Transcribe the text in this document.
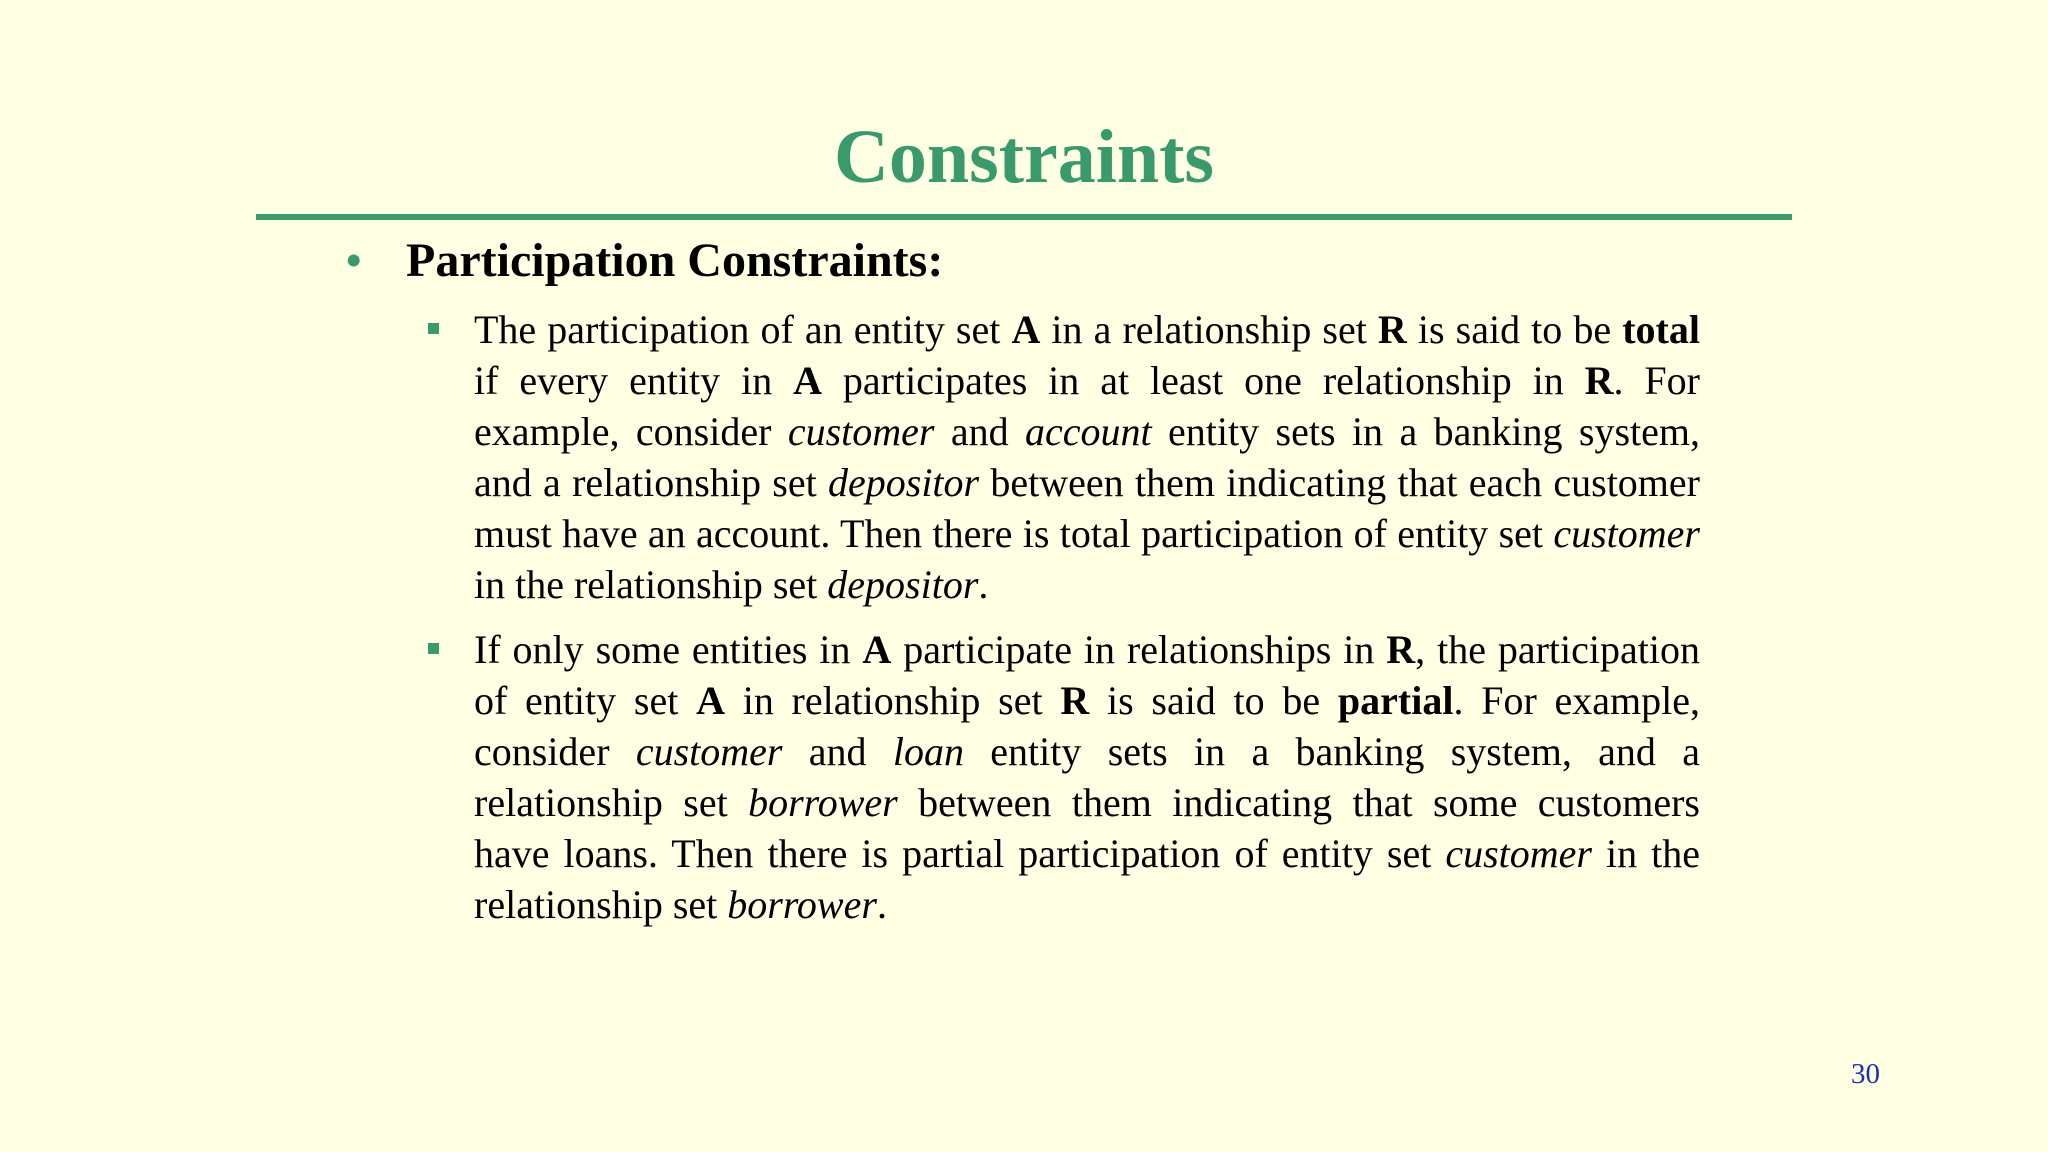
Constraints
• Participation Constraints:
The participation of an entity set A in a relationship set R is said to be total if every entity in A participates in at least one relationship in R. For example, consider customer and account entity sets in a banking system, and a relationship set depositor between them indicating that each customer must have an account. Then there is total participation of entity set customer in the relationship set depositor.
If only some entities in A participate in relationships in R, the participation of entity set A in relationship set R is said to be partial. For example, consider customer and loan entity sets in a banking system, and a relationship set borrower between them indicating that some customers have loans. Then there is partial participation of entity set customer in the relationship set borrower.
30
